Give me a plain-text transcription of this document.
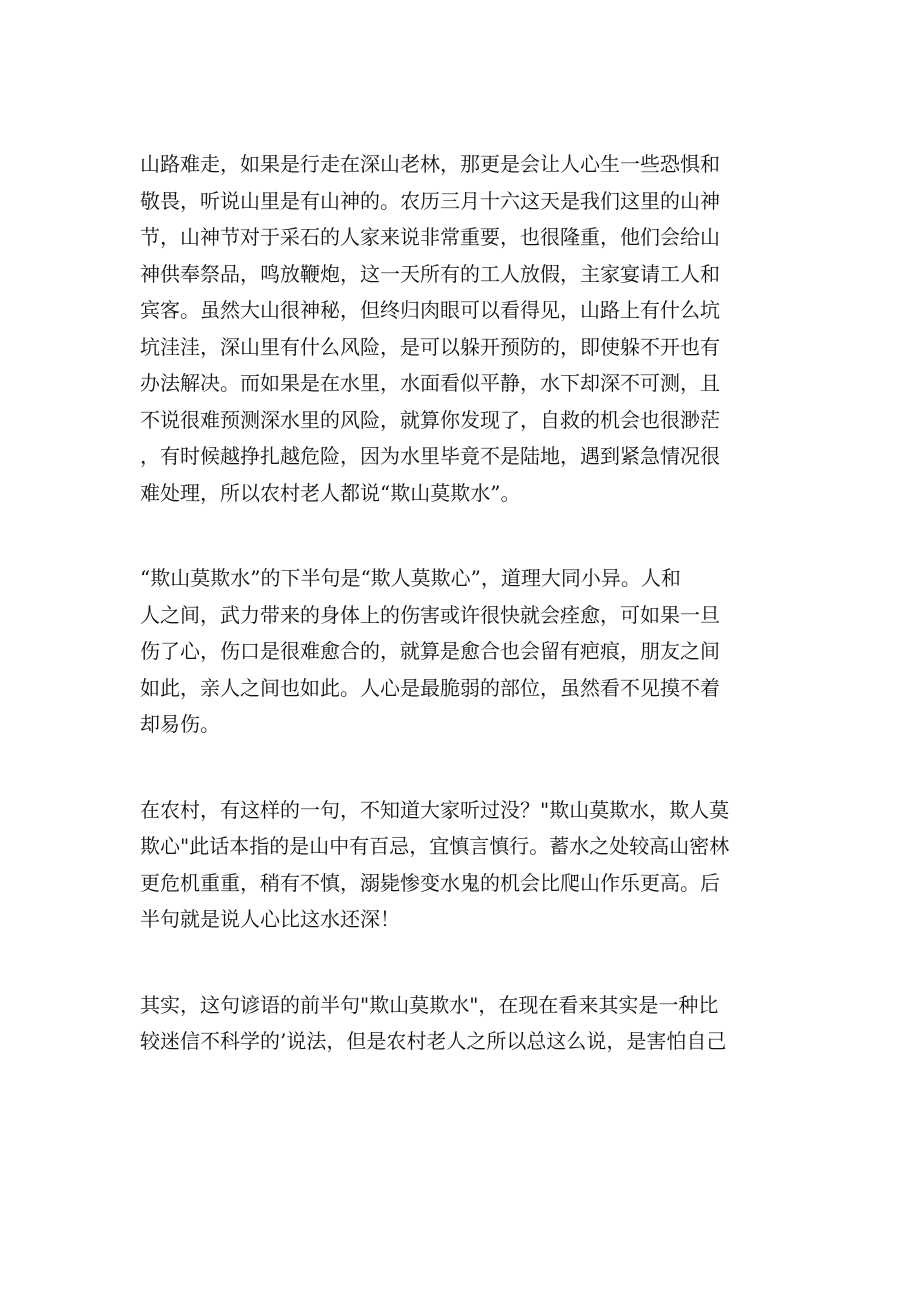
山路难走，如果是行走在深山老林，那更是会让人心生一些恐惧和
敬畏，听说山里是有山神的。农历三月十六这天是我们这里的山神
节，山神节对于采石的人家来说非常重要，也很隆重，他们会给山
神供奉祭品，鸣放鞭炮，这一天所有的工人放假，主家宴请工人和
宾客。虽然大山很神秘，但终归肉眼可以看得见，山路上有什么坑
坑洼洼，深山里有什么风险，是可以躲开预防的，即使躲不开也有
办法解决。而如果是在水里，水面看似平静，水下却深不可测，且
不说很难预测深水里的风险，就算你发现了，自救的机会也很渺茫
，有时候越挣扎越危险，因为水里毕竟不是陆地，遇到紧急情况很
难处理，所以农村老人都说“欺山莫欺水”。

“欺山莫欺水”的下半句是“欺人莫欺心”，道理大同小异。人和
人之间，武力带来的身体上的伤害或许很快就会痊愈，可如果一旦
伤了心，伤口是很难愈合的，就算是愈合也会留有疤痕，朋友之间
如此，亲人之间也如此。人心是最脆弱的部位，虽然看不见摸不着
却易伤。

在农村，有这样的一句，不知道大家听过没？"欺山莫欺水，欺人莫
欺心"此话本指的是山中有百忌，宜慎言慎行。蓄水之处较高山密林
更危机重重，稍有不慎，溺毙惨变水鬼的机会比爬山作乐更高。后
半句就是说人心比这水还深！

其实，这句谚语的前半句"欺山莫欺水"，在现在看来其实是一种比
较迷信不科学的’说法，但是农村老人之所以总这么说，是害怕自己
